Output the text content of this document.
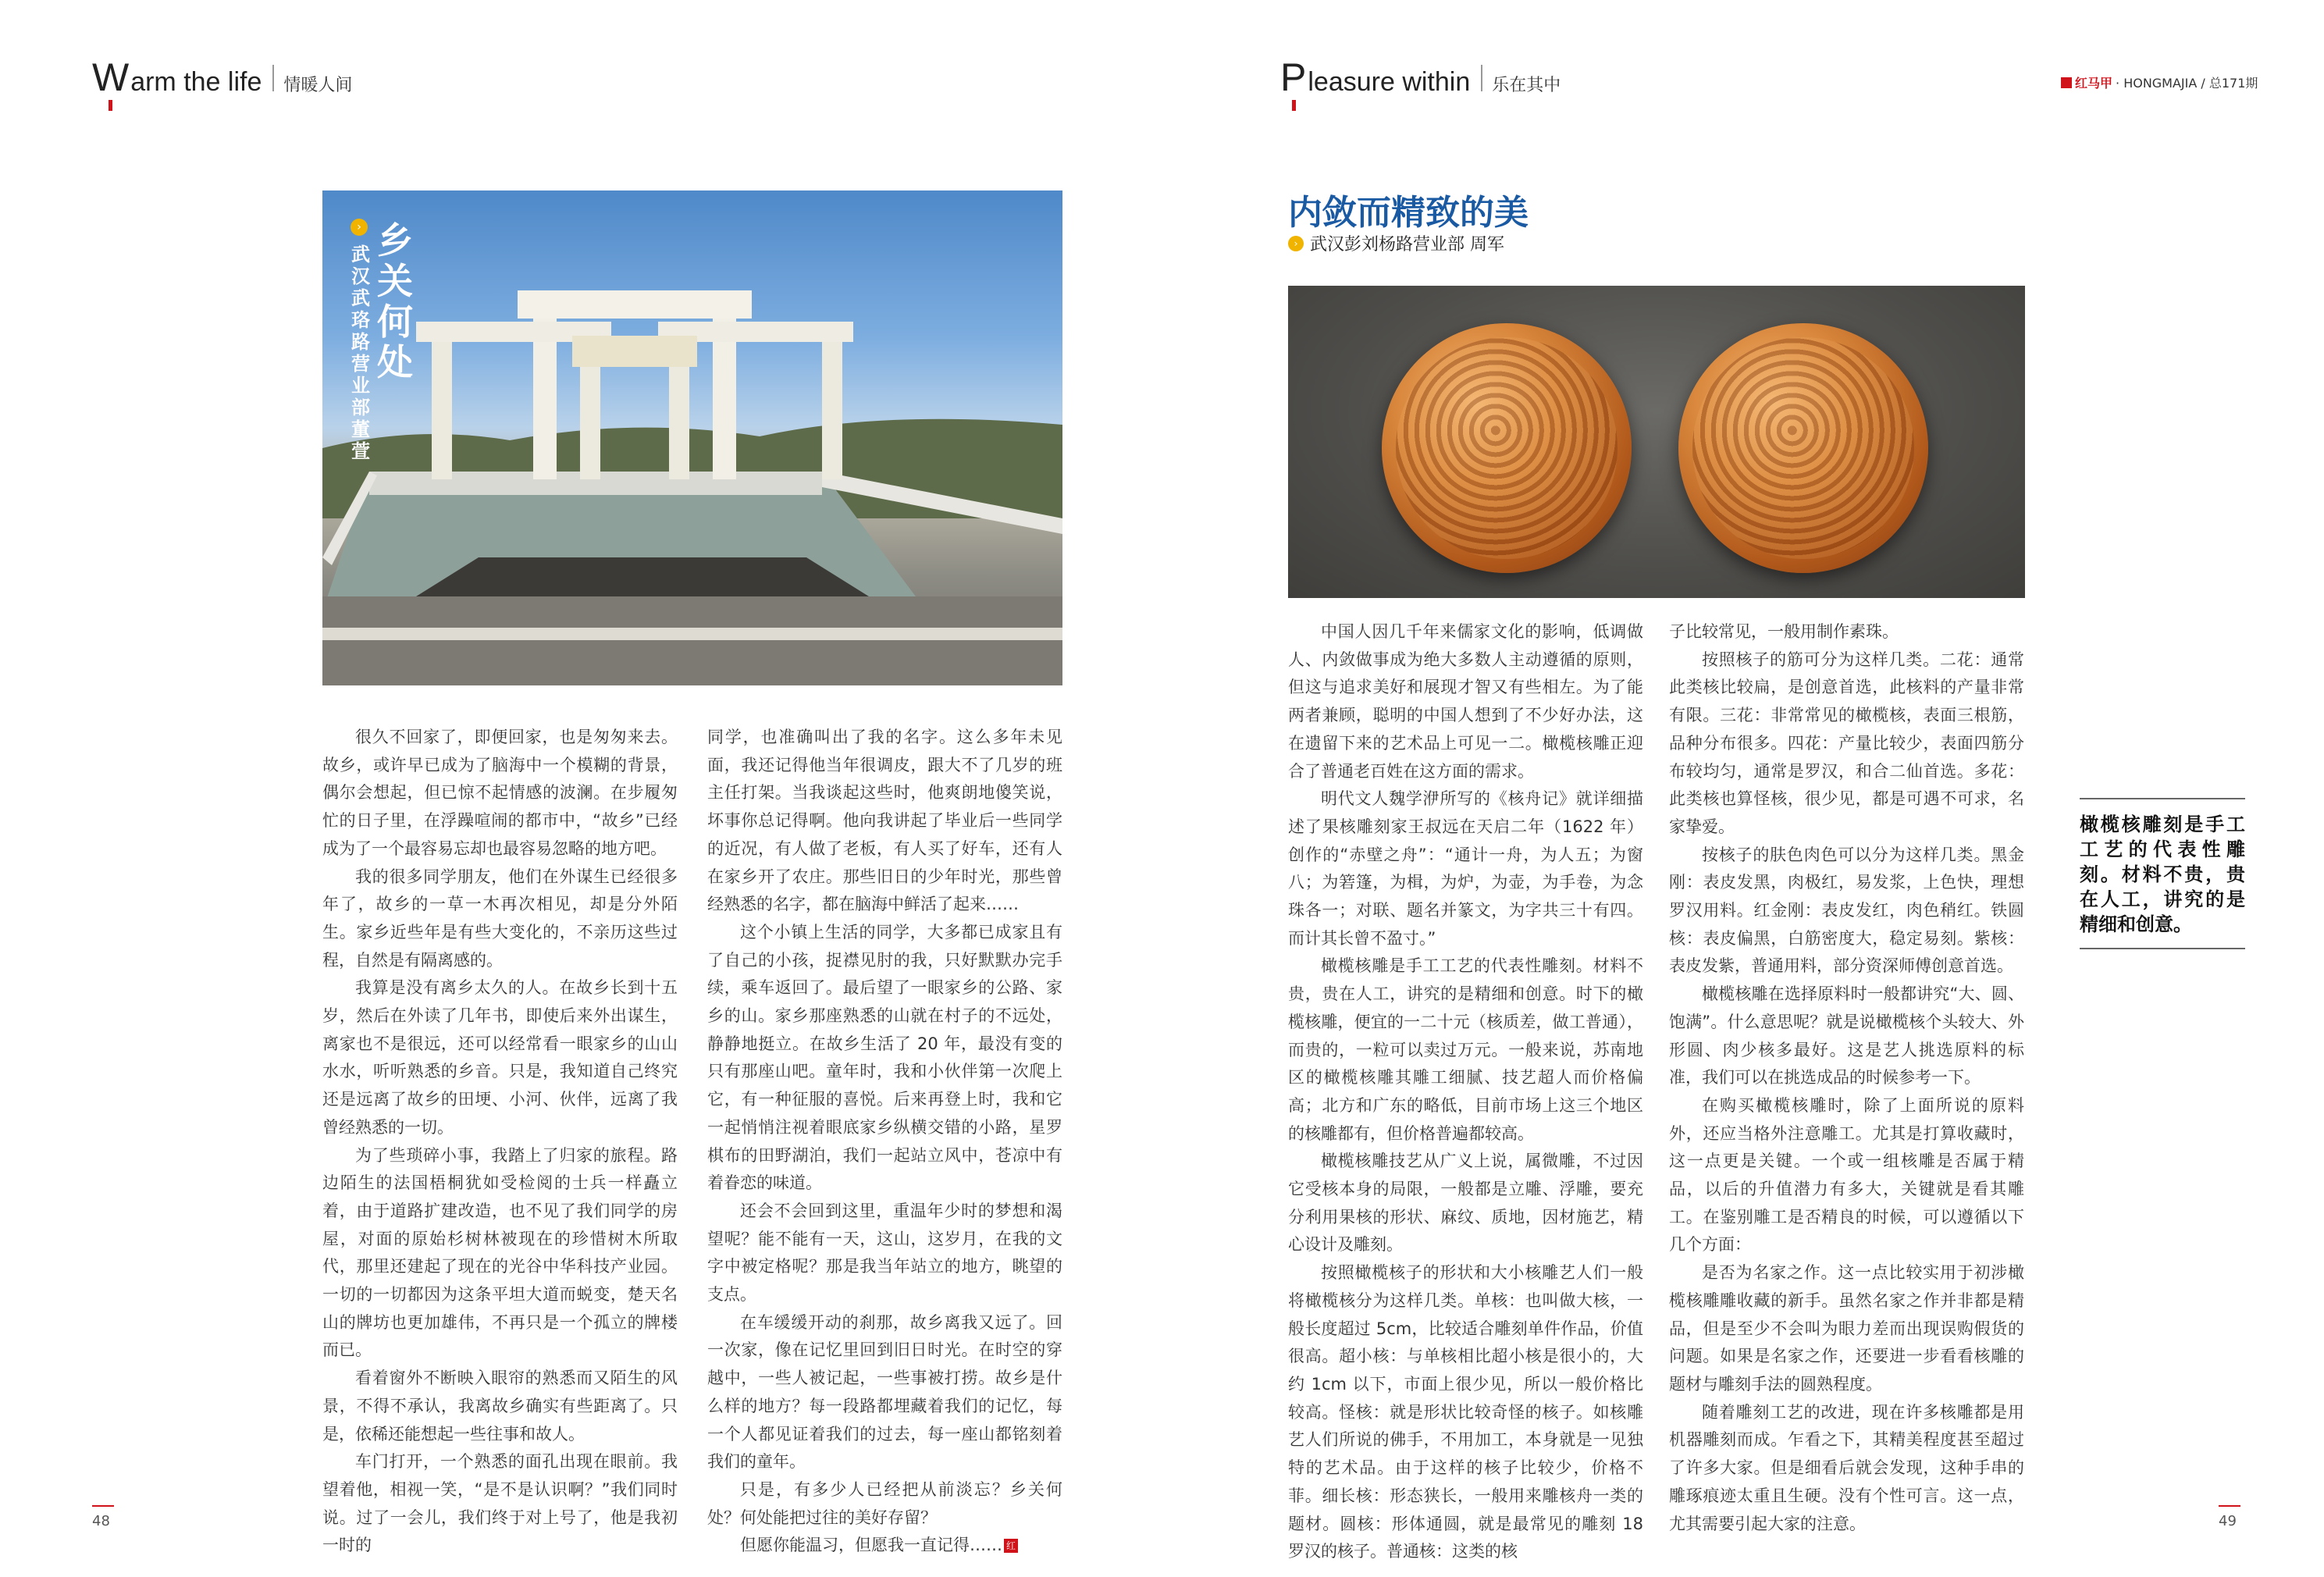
W arm the life 情暖人间	P leasure within 乐在其中	红马甲 · HONGMAJIA / 总171期
› 乡关何处
武汉武珞路营业部 董萱

很久不回家了，即便回家，也是匆匆来去。故乡，或许早已成为了脑海中一个模糊的背景，偶尔会想起，但已惊不起情感的波澜。在步履匆忙的日子里，在浮躁喧闹的都市中，“故乡”已经成为了一个最容易忘却也最容易忽略的地方吧。

我的很多同学朋友，他们在外谋生已经很多年了，故乡的一草一木再次相见，却是分外陌生。家乡近些年是有些大变化的，不亲历这些过程，自然是有隔离感的。

我算是没有离乡太久的人。在故乡长到十五岁，然后在外读了几年书，即使后来外出谋生，离家也不是很远，还可以经常看一眼家乡的山山水水，听听熟悉的乡音。只是，我知道自己终究还是远离了故乡的田埂、小河、伙伴，远离了我曾经熟悉的一切。

为了些琐碎小事，我踏上了归家的旅程。路边陌生的法国梧桐犹如受检阅的士兵一样矗立着，由于道路扩建改造，也不见了我们同学的房屋，对面的原始杉树林被现在的珍惜树木所取代，那里还建起了现在的光谷中华科技产业园。一切的一切都因为这条平坦大道而蜕变，楚天名山的牌坊也更加雄伟，不再只是一个孤立的牌楼而已。

看着窗外不断映入眼帘的熟悉而又陌生的风景，不得不承认，我离故乡确实有些距离了。只是，依稀还能想起一些往事和故人。

车门打开，一个熟悉的面孔出现在眼前。我望着他，相视一笑，“是不是认识啊？”我们同时说。过了一会儿，我们终于对上号了，他是我初一时的

同学，也准确叫出了我的名字。这么多年未见面，我还记得他当年很调皮，跟大不了几岁的班主任打架。当我谈起这些时，他爽朗地傻笑说，坏事你总记得啊。他向我讲起了毕业后一些同学的近况，有人做了老板，有人买了好车，还有人在家乡开了农庄。那些旧日的少年时光，那些曾经熟悉的名字，都在脑海中鲜活了起来……

这个小镇上生活的同学，大多都已成家且有了自己的小孩，捉襟见肘的我，只好默默办完手续，乘车返回了。最后望了一眼家乡的公路、家乡的山。家乡那座熟悉的山就在村子的不远处，静静地挺立。在故乡生活了 20 年，最没有变的只有那座山吧。童年时，我和小伙伴第一次爬上它，有一种征服的喜悦。后来再登上时，我和它一起悄悄注视着眼底家乡纵横交错的小路，星罗棋布的田野湖泊，我们一起站立风中，苍凉中有着眷恋的味道。

还会不会回到这里，重温年少时的梦想和渴望呢？能不能有一天，这山，这岁月，在我的文字中被定格呢？那是我当年站立的地方，眺望的支点。

在车缓缓开动的刹那，故乡离我又远了。回一次家，像在记忆里回到旧日时光。在时空的穿越中，一些人被记起，一些事被打捞。故乡是什么样的地方？每一段路都埋藏着我们的记忆，每一个人都见证着我们的过去，每一座山都铭刻着我们的童年。

只是，有多少人已经把从前淡忘？乡关何处？何处能把过往的美好存留？

但愿你能温习，但愿我一直记得…… 红

内敛而精致的美
› 武汉彭刘杨路营业部 周军

中国人因几千年来儒家文化的影响，低调做人、内敛做事成为绝大多数人主动遵循的原则，但这与追求美好和展现才智又有些相左。为了能两者兼顾，聪明的中国人想到了不少好办法，这在遗留下来的艺术品上可见一二。橄榄核雕正迎合了普通老百姓在这方面的需求。

明代文人魏学洢所写的《核舟记》就详细描述了果核雕刻家王叔远在天启二年（1622 年）创作的“赤壁之舟”：“通计一舟，为人五；为窗八；为箬篷，为楫，为炉，为壶，为手卷，为念珠各一；对联、题名并篆文，为字共三十有四。而计其长曾不盈寸。”

橄榄核雕是手工工艺的代表性雕刻。材料不贵，贵在人工，讲究的是精细和创意。时下的橄榄核雕，便宜的一二十元（核质差，做工普通），而贵的，一粒可以卖过万元。一般来说，苏南地区的橄榄核雕其雕工细腻、技艺超人而价格偏高；北方和广东的略低，目前市场上这三个地区的核雕都有，但价格普遍都较高。

橄榄核雕技艺从广义上说，属微雕，不过因它受核本身的局限，一般都是立雕、浮雕，要充分利用果核的形状、麻纹、质地，因材施艺，精心设计及雕刻。

按照橄榄核子的形状和大小核雕艺人们一般将橄榄核分为这样几类。单核：也叫做大核，一般长度超过 5cm，比较适合雕刻单件作品，价值很高。超小核：与单核相比超小核是很小的，大约 1cm 以下，市面上很少见，所以一般价格比较高。怪核：就是形状比较奇怪的核子。如核雕艺人们所说的佛手，不用加工，本身就是一见独特的艺术品。由于这样的核子比较少，价格不菲。细长核：形态狭长，一般用来雕核舟一类的题材。圆核：形体通圆，就是最常见的雕刻 18 罗汉的核子。普通核：这类的核

子比较常见，一般用制作素珠。

按照核子的筋可分为这样几类。二花：通常此类核比较扁，是创意首选，此核料的产量非常有限。三花：非常常见的橄榄核，表面三根筋，品种分布很多。四花：产量比较少，表面四筋分布较均匀，通常是罗汉，和合二仙首选。多花：此类核也算怪核，很少见，都是可遇不可求，名家挚爱。

按核子的肤色肉色可以分为这样几类。黑金刚：表皮发黑，肉极红，易发浆，上色快，理想罗汉用料。红金刚：表皮发红，肉色稍红。铁圆核：表皮偏黑，白筋密度大，稳定易刻。紫核：表皮发紫，普通用料，部分资深师傅创意首选。

橄榄核雕在选择原料时一般都讲究“大、圆、饱满”。什么意思呢？就是说橄榄核个头较大、外形圆、肉少核多最好。这是艺人挑选原料的标准，我们可以在挑选成品的时候参考一下。

在购买橄榄核雕时，除了上面所说的原料外，还应当格外注意雕工。尤其是打算收藏时，这一点更是关键。一个或一组核雕是否属于精品，以后的升值潜力有多大，关键就是看其雕工。在鉴别雕工是否精良的时候，可以遵循以下几个方面：

是否为名家之作。这一点比较实用于初涉橄榄核雕雕收藏的新手。虽然名家之作并非都是精品，但是至少不会叫为眼力差而出现误购假货的问题。如果是名家之作，还要进一步看看核雕的题材与雕刻手法的圆熟程度。

随着雕刻工艺的改进，现在许多核雕都是用机器雕刻而成。乍看之下，其精美程度甚至超过了许多大家。但是细看后就会发现，这种手串的雕琢痕迹太重且生硬。没有个性可言。这一点，尤其需要引起大家的注意。

橄榄核雕刻是手工工艺的代表性雕刻。材料不贵，贵在人工，讲究的是精细和创意。
48	49
